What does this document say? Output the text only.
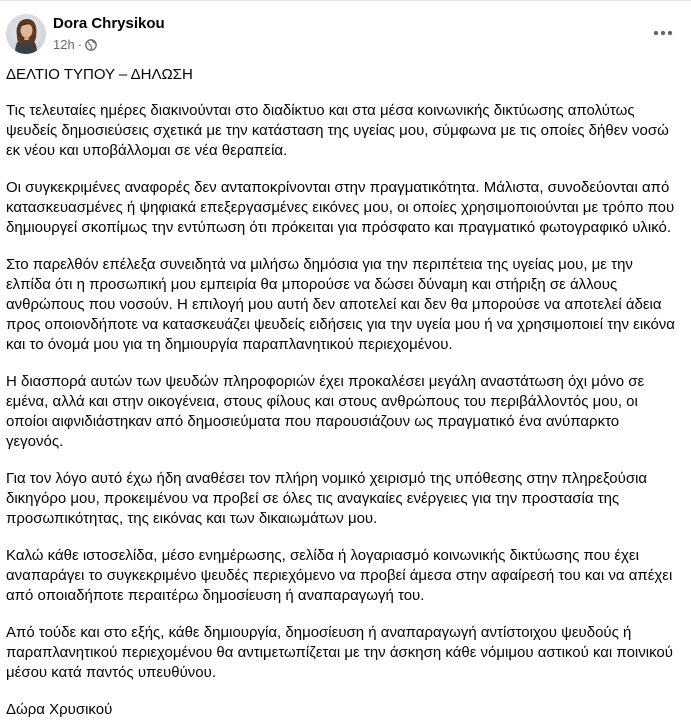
Dora Chrysikou
12h ·

ΔΕΛΤΙΟ ΤΥΠΟΥ – ΔΗΛΩΣΗ

Τις τελευταίες ημέρες διακινούνται στο διαδίκτυο και στα μέσα κοινωνικής δικτύωσης απολύτως ψευδείς δημοσιεύσεις σχετικά με την κατάσταση της υγείας μου, σύμφωνα με τις οποίες δήθεν νοσώ εκ νέου και υποβάλλομαι σε νέα θεραπεία.

Οι συγκεκριμένες αναφορές δεν ανταποκρίνονται στην πραγματικότητα. Μάλιστα, συνοδεύονται από κατασκευασμένες ή ψηφιακά επεξεργασμένες εικόνες μου, οι οποίες χρησιμοποιούνται με τρόπο που δημιουργεί σκοπίμως την εντύπωση ότι πρόκειται για πρόσφατο και πραγματικό φωτογραφικό υλικό.

Στο παρελθόν επέλεξα συνειδητά να μιλήσω δημόσια για την περιπέτεια της υγείας μου, με την ελπίδα ότι η προσωπική μου εμπειρία θα μπορούσε να δώσει δύναμη και στήριξη σε άλλους ανθρώπους που νοσούν. Η επιλογή μου αυτή δεν αποτελεί και δεν θα μπορούσε να αποτελεί άδεια προς οποιονδήποτε να κατασκευάζει ψευδείς ειδήσεις για την υγεία μου ή να χρησιμοποιεί την εικόνα και το όνομά μου για τη δημιουργία παραπλανητικού περιεχομένου.

Η διασπορά αυτών των ψευδών πληροφοριών έχει προκαλέσει μεγάλη αναστάτωση όχι μόνο σε εμένα, αλλά και στην οικογένεια, στους φίλους και στους ανθρώπους του περιβάλλοντός μου, οι οποίοι αιφνιδιάστηκαν από δημοσιεύματα που παρουσιάζουν ως πραγματικό ένα ανύπαρκτο γεγονός.

Για τον λόγο αυτό έχω ήδη αναθέσει τον πλήρη νομικό χειρισμό της υπόθεσης στην πληρεξούσια δικηγόρο μου, προκειμένου να προβεί σε όλες τις αναγκαίες ενέργειες για την προστασία της προσωπικότητας, της εικόνας και των δικαιωμάτων μου.

Καλώ κάθε ιστοσελίδα, μέσο ενημέρωσης, σελίδα ή λογαριασμό κοινωνικής δικτύωσης που έχει αναπαράγει το συγκεκριμένο ψευδές περιεχόμενο να προβεί άμεσα στην αφαίρεσή του και να απέχει από οποιαδήποτε περαιτέρω δημοσίευση ή αναπαραγωγή του.

Από τούδε και στο εξής, κάθε δημιουργία, δημοσίευση ή αναπαραγωγή αντίστοιχου ψευδούς ή παραπλανητικού περιεχομένου θα αντιμετωπίζεται με την άσκηση κάθε νόμιμου αστικού και ποινικού μέσου κατά παντός υπευθύνου.

Δώρα Χρυσικού
